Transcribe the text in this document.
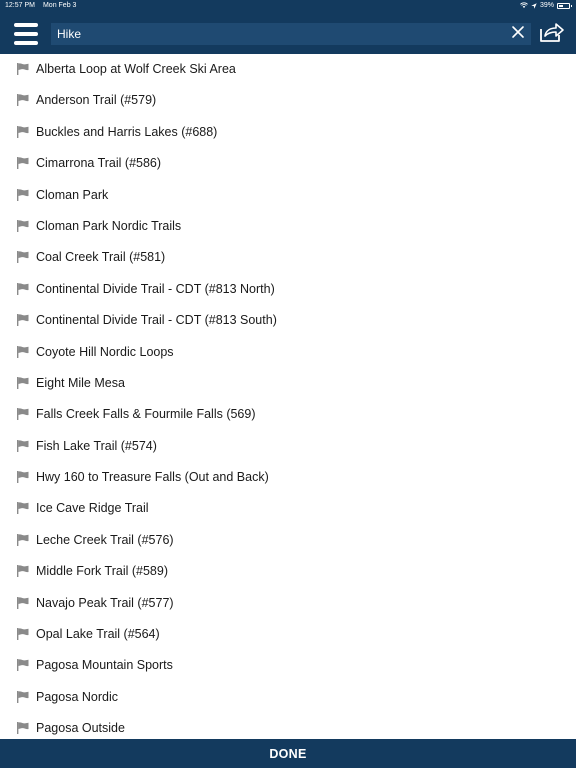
12:57 PM Mon Feb 3	39%
Hike
Alberta Loop at Wolf Creek Ski Area
Anderson Trail (#579)
Buckles and Harris Lakes (#688)
Cimarrona Trail (#586)
Cloman Park
Cloman Park Nordic Trails
Coal Creek Trail (#581)
Continental Divide Trail - CDT (#813 North)
Continental Divide Trail - CDT (#813 South)
Coyote Hill Nordic Loops
Eight Mile Mesa
Falls Creek Falls & Fourmile Falls (569)
Fish Lake Trail (#574)
Hwy 160 to Treasure Falls (Out and Back)
Ice Cave Ridge Trail
Leche Creek Trail (#576)
Middle Fork Trail (#589)
Navajo Peak Trail (#577)
Opal Lake Trail (#564)
Pagosa Mountain Sports
Pagosa Nordic
Pagosa Outside
DONE
